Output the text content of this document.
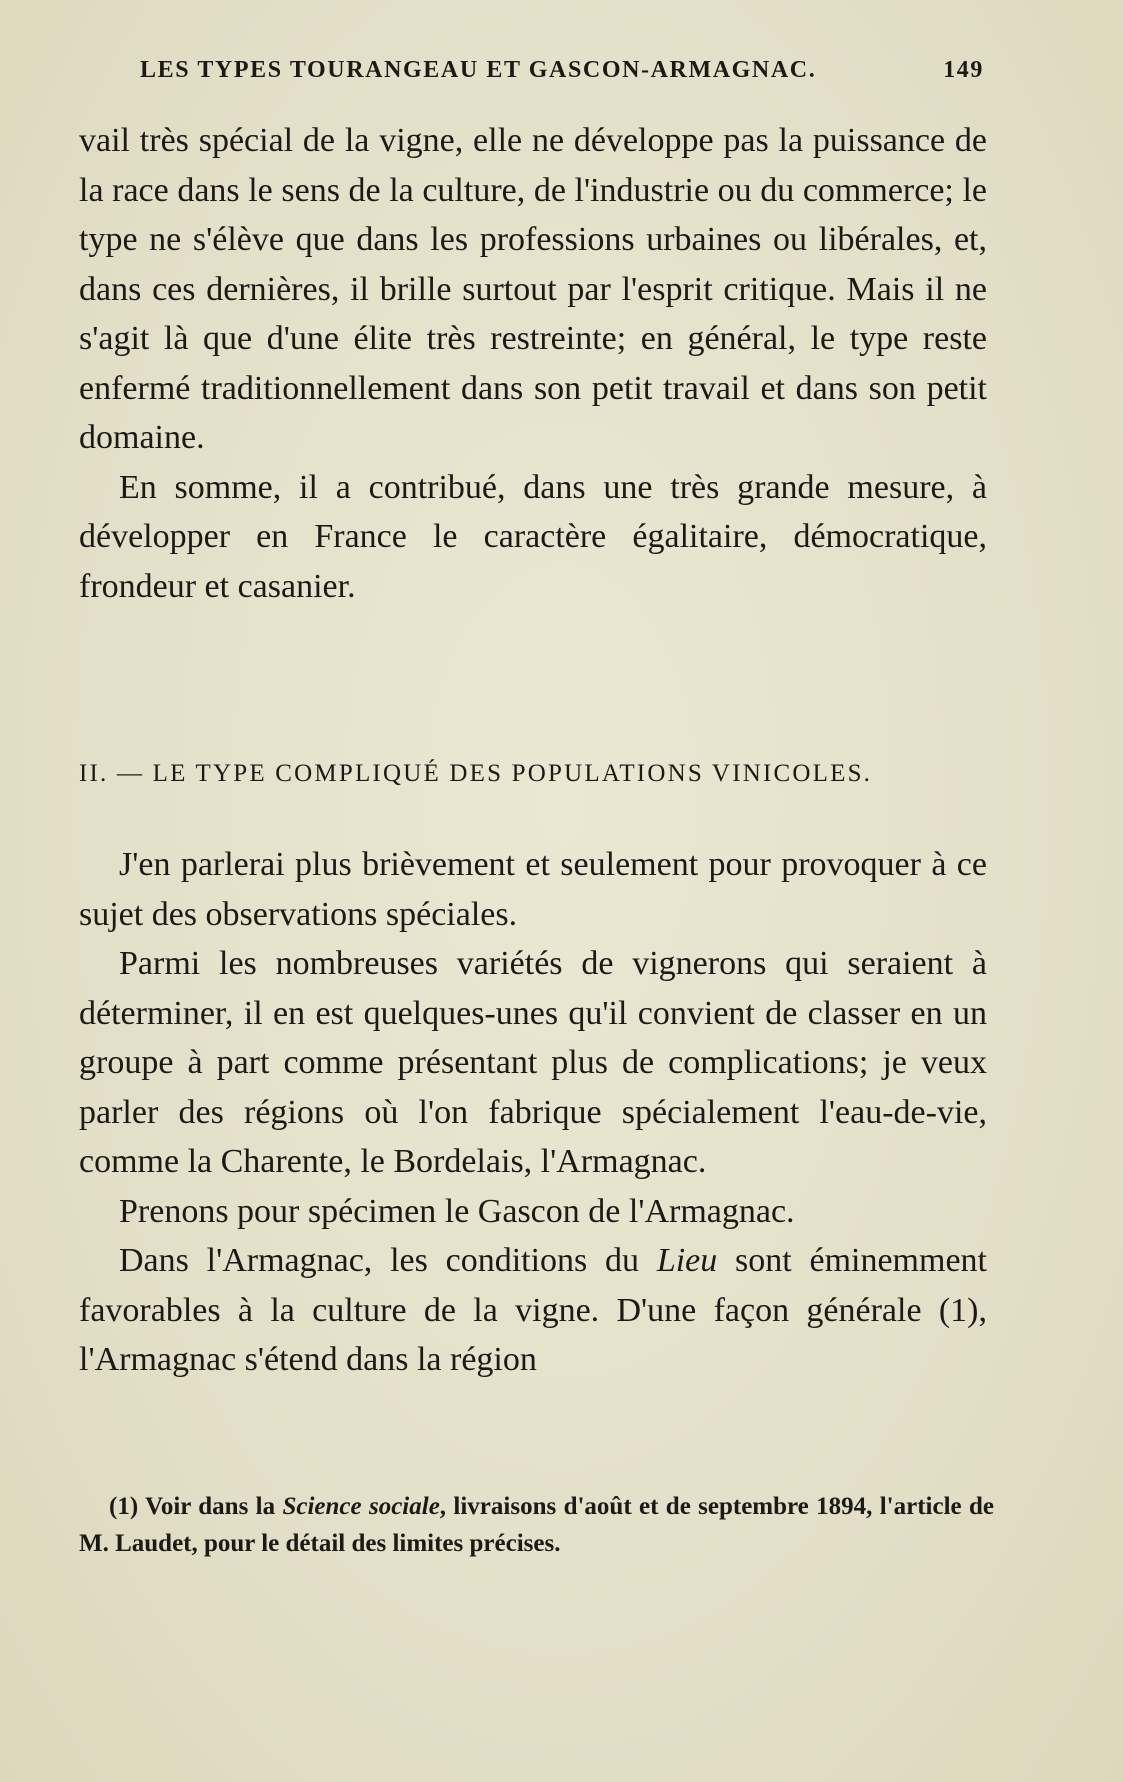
LES TYPES TOURANGEAU ET GASCON-ARMAGNAC.	149

vail très spécial de la vigne, elle ne développe pas la puissance de la race dans le sens de la culture, de l'industrie ou du commerce; le type ne s'élève que dans les professions urbaines ou libérales, et, dans ces dernières, il brille surtout par l'esprit critique. Mais il ne s'agit là que d'une élite très restreinte; en général, le type reste enfermé traditionnellement dans son petit travail et dans son petit domaine.

En somme, il a contribué, dans une très grande mesure, à développer en France le caractère égalitaire, démocratique, frondeur et casanier.

II. — LE TYPE COMPLIQUÉ DES POPULATIONS VINICOLES.

J'en parlerai plus brièvement et seulement pour provoquer à ce sujet des observations spéciales.

Parmi les nombreuses variétés de vignerons qui seraient à déterminer, il en est quelques-unes qu'il convient de classer en un groupe à part comme présentant plus de complications; je veux parler des régions où l'on fabrique spécialement l'eau-de-vie, comme la Charente, le Bordelais, l'Armagnac.

Prenons pour spécimen le Gascon de l'Armagnac.

Dans l'Armagnac, les conditions du Lieu sont éminemment favorables à la culture de la vigne. D'une façon générale (1), l'Armagnac s'étend dans la région

(1) Voir dans la Science sociale, livraisons d'août et de septembre 1894, l'article de M. Laudet, pour le détail des limites précises.
